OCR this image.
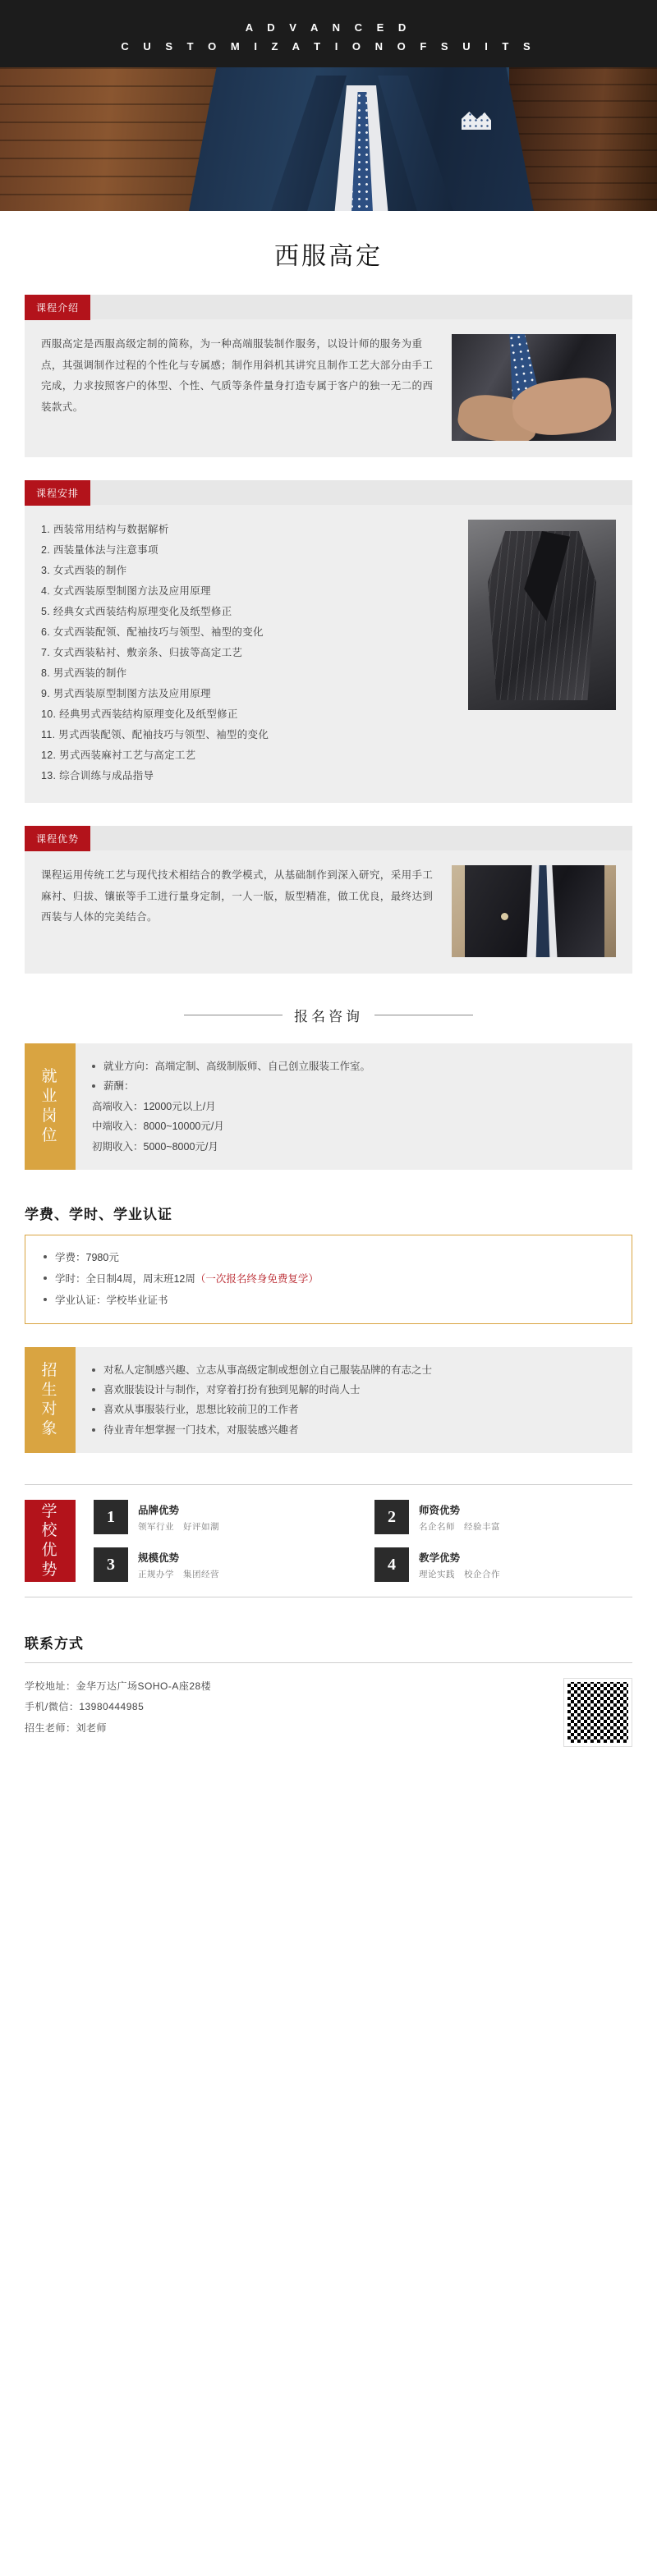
A D V A N C E D
C U S T O M I Z A T I O N O F S U I T S
西服高定
课程介绍

西服高定是西服高级定制的简称，为一种高端服装制作服务，以设计师的服务为重点，其强调制作过程的个性化与专属感；制作用斜机其讲究且制作工艺大部分由手工完成，力求按照客户的体型、个性、气质等条件量身打造专属于客户的独一无二的西装款式。

课程安排
西装常用结构与数据解析
西装量体法与注意事项
女式西装的制作
女式西装原型制图方法及应用原理
经典女式西装结构原理变化及纸型修正
女式西装配领、配袖技巧与领型、袖型的变化
女式西装粘衬、敷亲条、归拔等高定工艺
男式西装的制作
男式西装原型制图方法及应用原理
经典男式西装结构原理变化及纸型修正
男式西装配领、配袖技巧与领型、袖型的变化
男式西装麻衬工艺与高定工艺
综合训练与成品指导
课程优势

课程运用传统工艺与现代技术相结合的教学模式，从基础制作到深入研究，采用手工麻衬、归拔、镶嵌等手工进行量身定制，一人一版，版型精准，做工优良，最终达到西装与人体的完美结合。

报名咨询
就
业
岗
位
就业方向：高端定制、高级制版师、自己创立服装工作室。
薪酬：
高端收入：12000元以上/月
中端收入：8000~10000元/月
初期收入：5000~8000元/月
学费、学时、学业认证
学费：7980元
学时：全日制4周，周末班12周（一次报名终身免费复学）
学业认证：学校毕业证书
招
生
对
象
对私人定制感兴趣、立志从事高级定制或想创立自己服装品牌的有志之士
喜欢服装设计与制作，对穿着打扮有独到见解的时尚人士
喜欢从事服装行业，思想比较前卫的工作者
待业青年想掌握一门技术，对服装感兴趣者
学
校
优
势
1	品牌优势
领军行业　好评如潮
2	师资优势
名企名师　经验丰富
3	规模优势
正规办学　集团经营
4	教学优势
理论实践　校企合作
联系方式
学校地址：金华万达广场SOHO-A座28楼
手机/微信：13980444985
招生老师：刘老师
